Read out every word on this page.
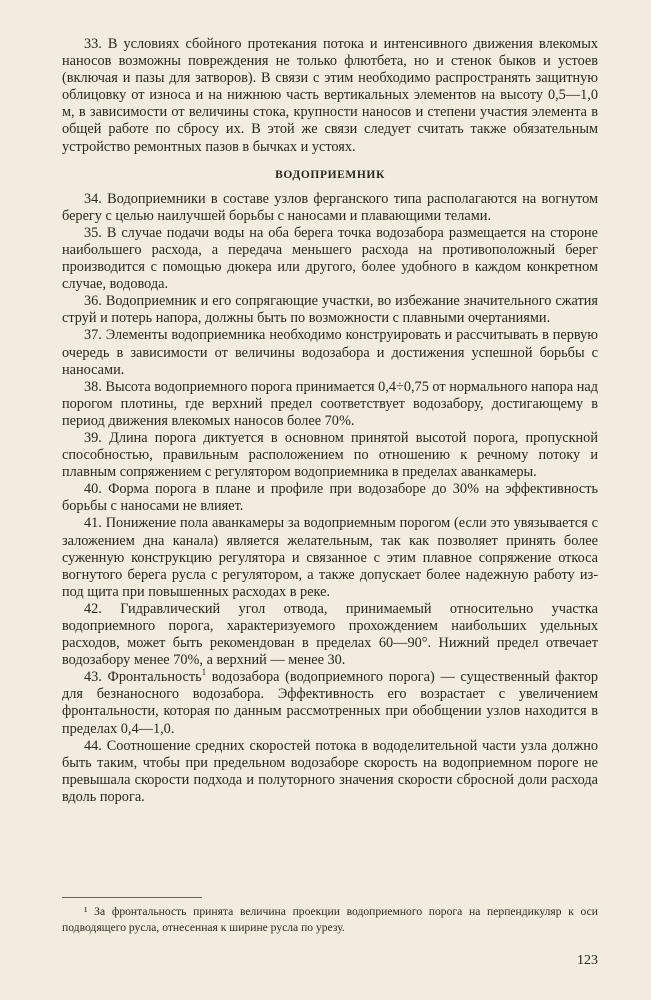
33. В условиях сбойного протекания потока и интенсивного движения влекомых наносов возможны повреждения не только флютбета, но и стенок быков и устоев (включая и пазы для затворов). В связи с этим необходимо распространять защитную облицовку от износа и на нижнюю часть вертикальных элементов на высоту 0,5—1,0 м, в зависимости от величины стока, крупности наносов и степени участия элемента в общей работе по сбросу их. В этой же связи следует считать также обязательным устройство ремонтных пазов в бычках и устоях.

ВОДОПРИЕМНИК

34. Водоприемники в составе узлов ферганского типа располагаются на вогнутом берегу с целью наилучшей борьбы с наносами и плавающими телами.

35. В случае подачи воды на оба берега точка водозабора размещается на стороне наибольшего расхода, а передача меньшего расхода на противоположный берег производится с помощью дюкера или другого, более удобного в каждом конкретном случае, водовода.

36. Водоприемник и его сопрягающие участки, во избежание значительного сжатия струй и потерь напора, должны быть по возможности с плавными очертаниями.

37. Элементы водоприемника необходимо конструировать и рассчитывать в первую очередь в зависимости от величины водозабора и достижения успешной борьбы с наносами.

38. Высота водоприемного порога принимается 0,4÷0,75 от нормального напора над порогом плотины, где верхний предел соответствует водозабору, достигающему в период движения влекомых наносов более 70%.

39. Длина порога диктуется в основном принятой высотой порога, пропускной способностью, правильным расположением по отношению к речному потоку и плавным сопряжением с регулятором водоприемника в пределах аванкамеры.

40. Форма порога в плане и профиле при водозаборе до 30% на эффективность борьбы с наносами не влияет.

41. Понижение пола аванкамеры за водоприемным порогом (если это увязывается с заложением дна канала) является желательным, так как позволяет принять более суженную конструкцию регулятора и связанное с этим плавное сопряжение откоса вогнутого берега русла с регулятором, а также допускает более надежную работу из-под щита при повышенных расходах в реке.

42. Гидравлический угол отвода, принимаемый относительно участка водоприемного порога, характеризуемого прохождением наибольших удельных расходов, может быть рекомендован в пределах 60—90°. Нижний предел отвечает водозабору менее 70%, а верхний — менее 30.

43. Фронтальность$^1$ водозабора (водоприемного порога) — существенный фактор для безнаносного водозабора. Эффективность его возрастает с увеличением фронтальности, которая по данным рассмотренных при обобщении узлов находится в пределах 0,4—1,0.

44. Соотношение средних скоростей потока в вододелительной части узла должно быть таким, чтобы при предельном водозаборе скорость на водоприемном пороге не превышала скорости подхода и полуторного значения скорости сбросной доли расхода вдоль порога.

¹ За фронтальность принята величина проекции водоприемного порога на перпендикуляр к оси подводящего русла, отнесенная к ширине русла по урезу.
123
